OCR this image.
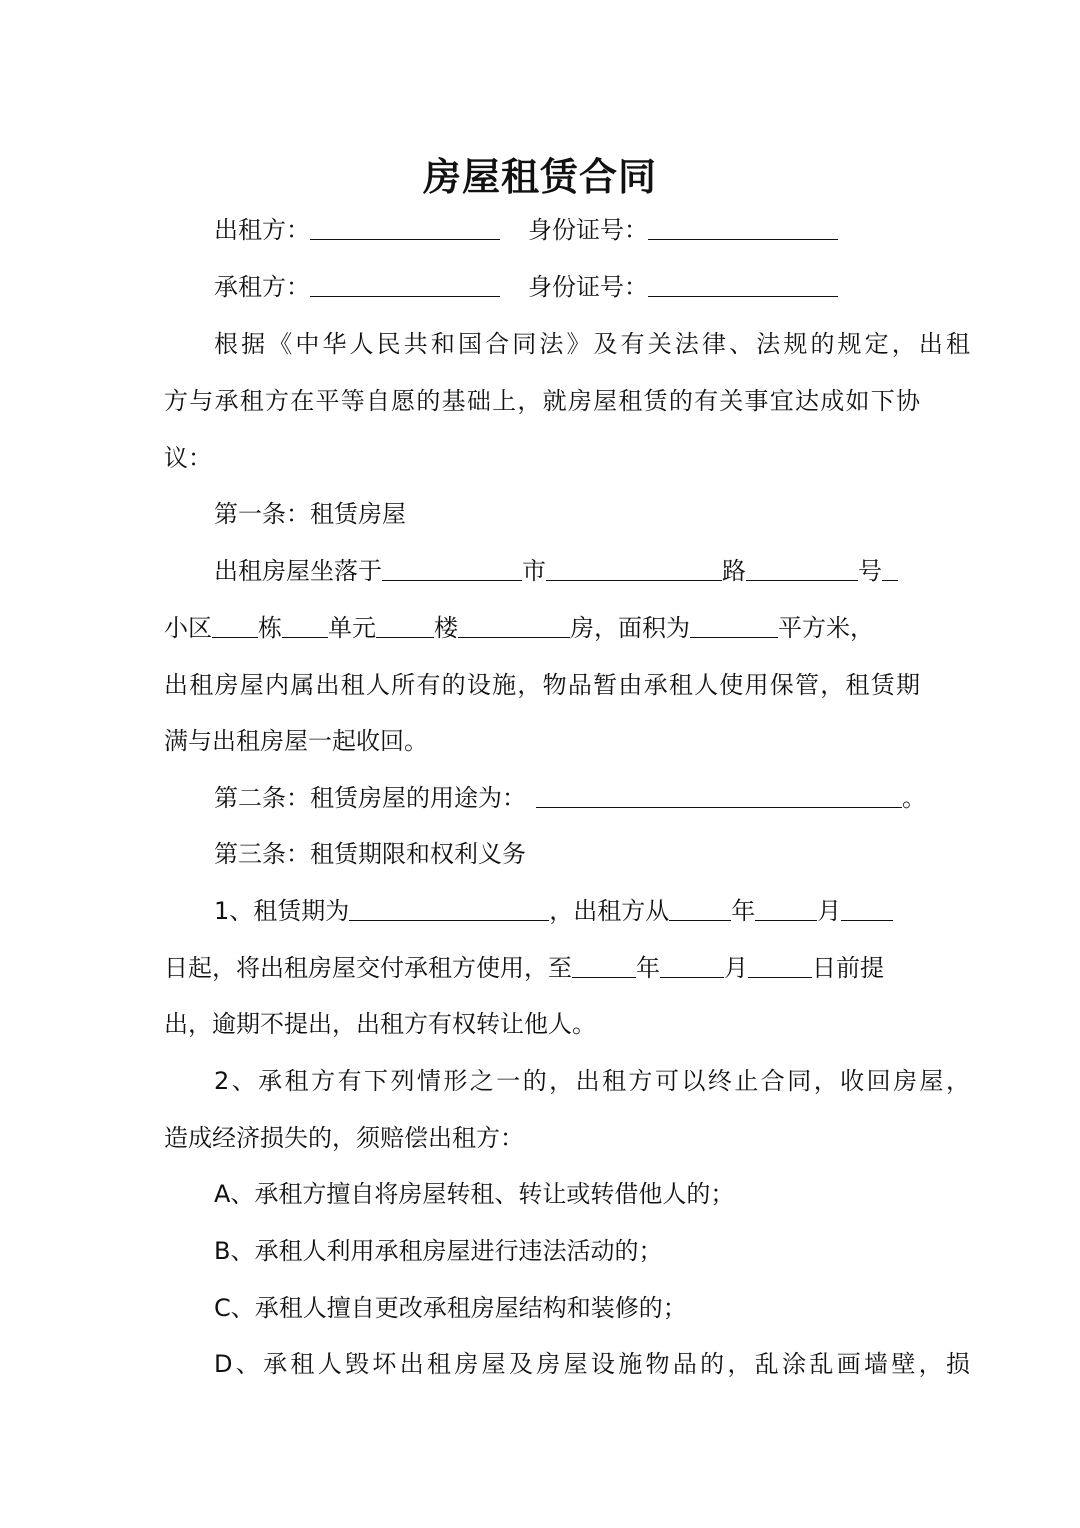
房屋租赁合同
出租方：	身份证号：
承租方：	身份证号：
根据《中华人民共和国合同法》及有关法律、法规的规定，出租
方与承租方在平等自愿的基础上，就房屋租赁的有关事宜达成如下协
议：
第一条：租赁房屋
出租房屋坐落于	市	路	号
小区 栋 单元 楼	房，面积为	平方米，
出租房屋内属出租人所有的设施，物品暂由承租人使用保管，租赁期
满与出租房屋一起收回。
第二条：租赁房屋的用途为：	。
第三条：租赁期限和权利义务
1、租赁期为	，出租方从	年	月
日起，将出租房屋交付承租方使用，至	年	月	日前提
出，逾期不提出，出租方有权转让他人。
2、承租方有下列情形之一的，出租方可以终止合同，收回房屋，
造成经济损失的，须赔偿出租方：
A、承租方擅自将房屋转租、转让或转借他人的；
B、承租人利用承租房屋进行违法活动的；
C、承租人擅自更改承租房屋结构和装修的；
D、承租人毁坏出租房屋及房屋设施物品的，乱涂乱画墙壁，损
